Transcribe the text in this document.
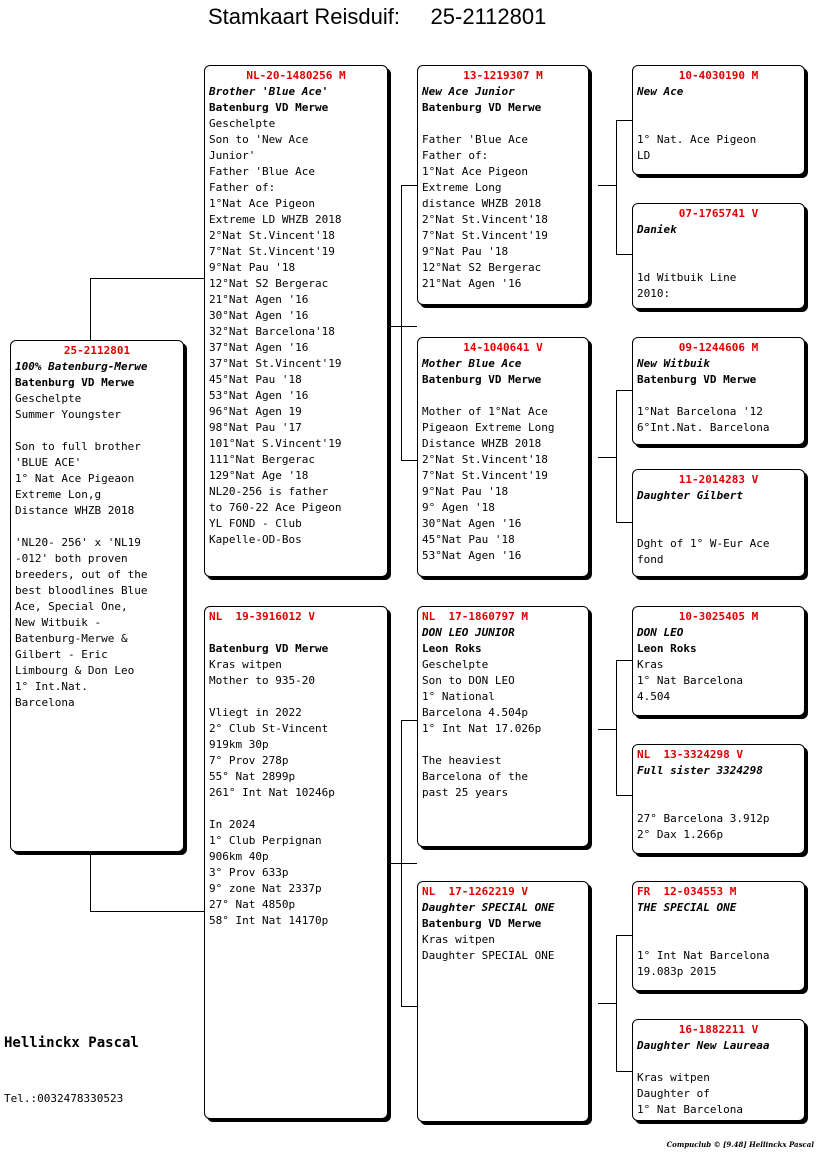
Stamkaart Reisduif: 25-2112801
25-2112801
100% Batenburg-Merwe
Batenburg VD Merwe
Geschelpte
Summer Youngster
Son to full brother
'BLUE ACE'
1° Nat Ace Pigeaon
Extreme Lon,g
Distance WHZB 2018
'NL20- 256' x 'NL19
-012' both proven
breeders, out of the
best bloodlines Blue
Ace, Special One,
New Witbuik -
Batenburg-Merwe &
Gilbert - Eric
Limbourg & Don Leo
1° Int.Nat.
Barcelona
NL-20-1480256 M
Brother 'Blue Ace'
Batenburg VD Merwe
Geschelpte
Son to 'New Ace
Junior'
Father 'Blue Ace
Father of:
1°Nat Ace Pigeon
Extreme LD WHZB 2018
2°Nat St.Vincent'18
7°Nat St.Vincent'19
9°Nat Pau '18
12°Nat S2 Bergerac
21°Nat Agen '16
30°Nat Agen '16
32°Nat Barcelona'18
37°Nat Agen '16
37°Nat St.Vincent'19
45°Nat Pau '18
53°Nat Agen '16
96°Nat Agen 19
98°Nat Pau '17
101°Nat S.Vincent'19
111°Nat Bergerac
129°Nat Age '18
NL20-256 is father
to 760-22 Ace Pigeon
YL FOND - Club
Kapelle-OD-Bos
NL  19-3916012 V
Batenburg VD Merwe
Kras witpen
Mother to 935-20
Vliegt in 2022
2° Club St-Vincent
919km 30p
7° Prov 278p
55° Nat 2899p
261° Int Nat 10246p
In 2024
1° Club Perpignan
906km 40p
3° Prov 633p
9° zone Nat 2337p
27° Nat 4850p
58° Int Nat 14170p
13-1219307 M
New Ace Junior
Batenburg VD Merwe
Father 'Blue Ace
Father of:
1°Nat Ace Pigeon
Extreme Long
distance WHZB 2018
2°Nat St.Vincent'18
7°Nat St.Vincent'19
9°Nat Pau '18
12°Nat S2 Bergerac
21°Nat Agen '16
14-1040641 V
Mother Blue Ace
Batenburg VD Merwe
Mother of 1°Nat Ace
Pigeaon Extreme Long
Distance WHZB 2018
2°Nat St.Vincent'18
7°Nat St.Vincent'19
9°Nat Pau '18
9° Agen '18
30°Nat Agen '16
45°Nat Pau '18
53°Nat Agen '16
NL  17-1860797 M
DON LEO JUNIOR
Leon Roks
Geschelpte
Son to DON LEO
1° National
Barcelona 4.504p
1° Int Nat 17.026p
The heaviest
Barcelona of the
past 25 years
NL  17-1262219 V
Daughter SPECIAL ONE
Batenburg VD Merwe
Kras witpen
Daughter SPECIAL ONE
10-4030190 M
New Ace
1° Nat. Ace Pigeon
LD
07-1765741 V
Daniek
1d Witbuik Line
2010:
09-1244606 M
New Witbuik
Batenburg VD Merwe
1°Nat Barcelona '12
6°Int.Nat. Barcelona
11-2014283 V
Daughter Gilbert
Dght of 1° W-Eur Ace
fond
10-3025405 M
DON LEO
Leon Roks
Kras
1° Nat Barcelona
4.504
NL  13-3324298 V
Full sister 3324298
27° Barcelona 3.912p
2° Dax 1.266p
FR  12-034553 M
THE SPECIAL ONE
1° Int Nat Barcelona
19.083p 2015
16-1882211 V
Daughter New Laureaa
Kras witpen
Daughter of
1° Nat Barcelona
Hellinckx Pascal
Tel.:0032478330523
Compuclub © [9.48] Hellinckx Pascal
